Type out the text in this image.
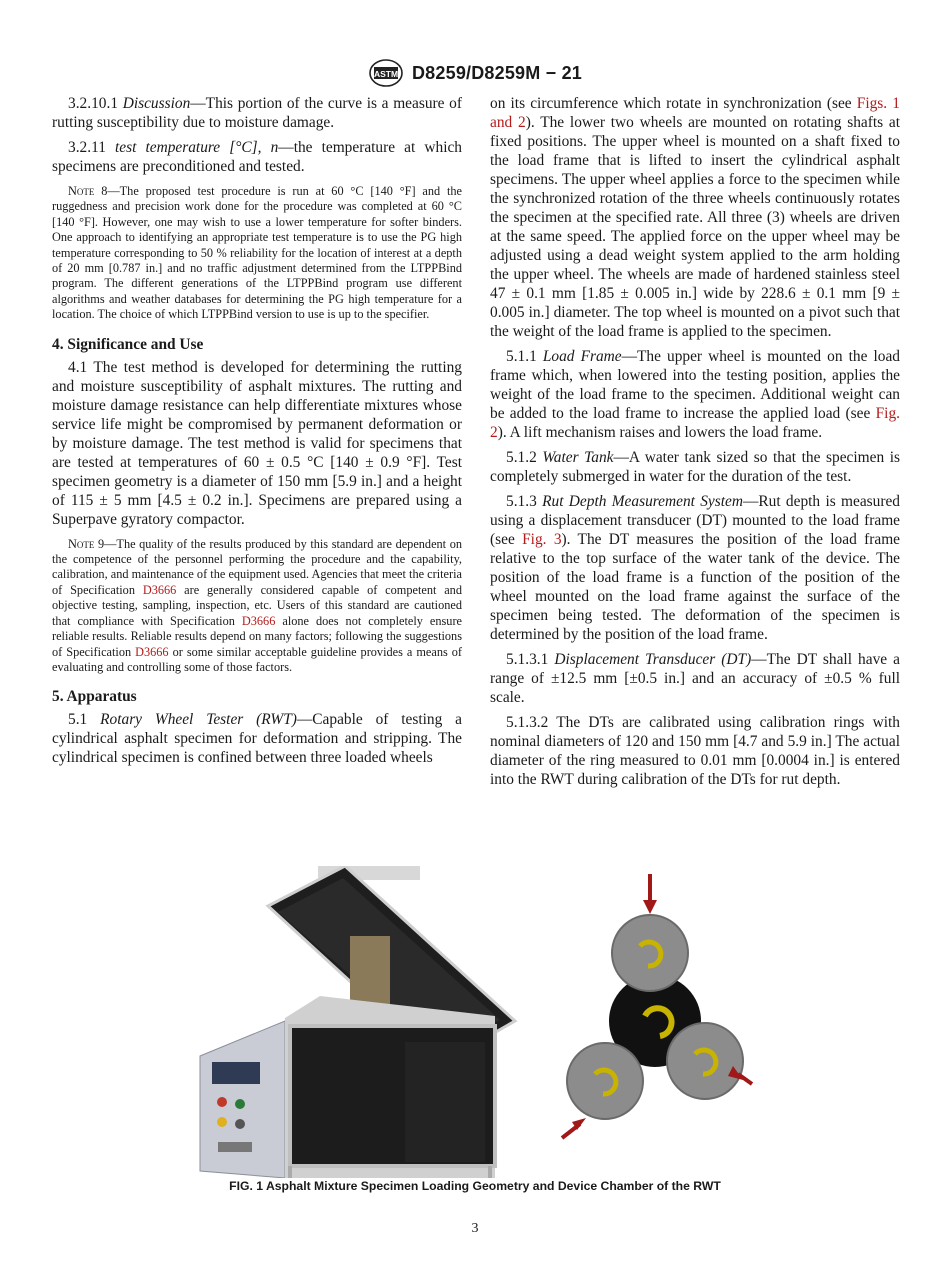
ASTM D8259/D8259M − 21

3.2.10.1 Discussion—This portion of the curve is a measure of rutting susceptibility due to moisture damage.

3.2.11 test temperature [°C], n—the temperature at which specimens are preconditioned and tested.

Note 8—The proposed test procedure is run at 60 °C [140 °F] and the ruggedness and precision work done for the procedure was completed at 60 °C [140 °F]. However, one may wish to use a lower temperature for softer binders. One approach to identifying an appropriate test temperature is to use the PG high temperature corresponding to 50 % reliability for the location of interest at a depth of 20 mm [0.787 in.] and no traffic adjustment determined from the LTPPBind program. The different generations of the LTPPBind program use different algorithms and weather databases for determining the PG high temperature for a location. The choice of which LTPPBind version to use is up to the specifier.

4. Significance and Use

4.1 The test method is developed for determining the rutting and moisture susceptibility of asphalt mixtures. The rutting and moisture damage resistance can help differentiate mixtures whose service life might be compromised by permanent deformation or by moisture damage. The test method is valid for specimens that are tested at temperatures of 60 ± 0.5 °C [140 ± 0.9 °F]. Test specimen geometry is a diameter of 150 mm [5.9 in.] and a height of 115 ± 5 mm [4.5 ± 0.2 in.]. Specimens are prepared using a Superpave gyratory compactor.

Note 9—The quality of the results produced by this standard are dependent on the competence of the personnel performing the procedure and the capability, calibration, and maintenance of the equipment used. Agencies that meet the criteria of Specification D3666 are generally considered capable of competent and objective testing, sampling, inspection, etc. Users of this standard are cautioned that compliance with Specification D3666 alone does not completely ensure reliable results. Reliable results depend on many factors; following the suggestions of Specification D3666 or some similar acceptable guideline provides a means of evaluating and controlling some of those factors.

5. Apparatus

5.1 Rotary Wheel Tester (RWT)—Capable of testing a cylindrical asphalt specimen for deformation and stripping. The cylindrical specimen is confined between three loaded wheels

on its circumference which rotate in synchronization (see Figs. 1 and 2). The lower two wheels are mounted on rotating shafts at fixed positions. The upper wheel is mounted on a shaft fixed to the load frame that is lifted to insert the cylindrical asphalt specimens. The upper wheel applies a force to the specimen while the synchronized rotation of the three wheels continuously rotates the specimen at the specified rate. All three (3) wheels are driven at the same speed. The applied force on the upper wheel may be adjusted using a dead weight system applied to the arm holding the upper wheel. The wheels are made of hardened stainless steel 47 ± 0.1 mm [1.85 ± 0.005 in.] wide by 228.6 ± 0.1 mm [9 ± 0.005 in.] diameter. The top wheel is mounted on a pivot such that the weight of the load frame is applied to the specimen.

5.1.1 Load Frame—The upper wheel is mounted on the load frame which, when lowered into the testing position, applies the weight of the load frame to the specimen. Additional weight can be added to the load frame to increase the applied load (see Fig. 2). A lift mechanism raises and lowers the load frame.

5.1.2 Water Tank—A water tank sized so that the specimen is completely submerged in water for the duration of the test.

5.1.3 Rut Depth Measurement System—Rut depth is measured using a displacement transducer (DT) mounted to the load frame (see Fig. 3). The DT measures the position of the load frame relative to the top surface of the water tank of the device. The position of the load frame is a function of the position of the wheel mounted on the load frame against the surface of the specimen being tested. The deformation of the specimen is determined by the position of the load frame.

5.1.3.1 Displacement Transducer (DT)—The DT shall have a range of ±12.5 mm [±0.5 in.] and an accuracy of ±0.5 % full scale.

5.1.3.2 The DTs are calibrated using calibration rings with nominal diameters of 120 and 150 mm [4.7 and 5.9 in.] The actual diameter of the ring measured to 0.01 mm [0.0004 in.] is entered into the RWT during calibration of the DTs for rut depth.

FIG. 1 Asphalt Mixture Specimen Loading Geometry and Device Chamber of the RWT
3
